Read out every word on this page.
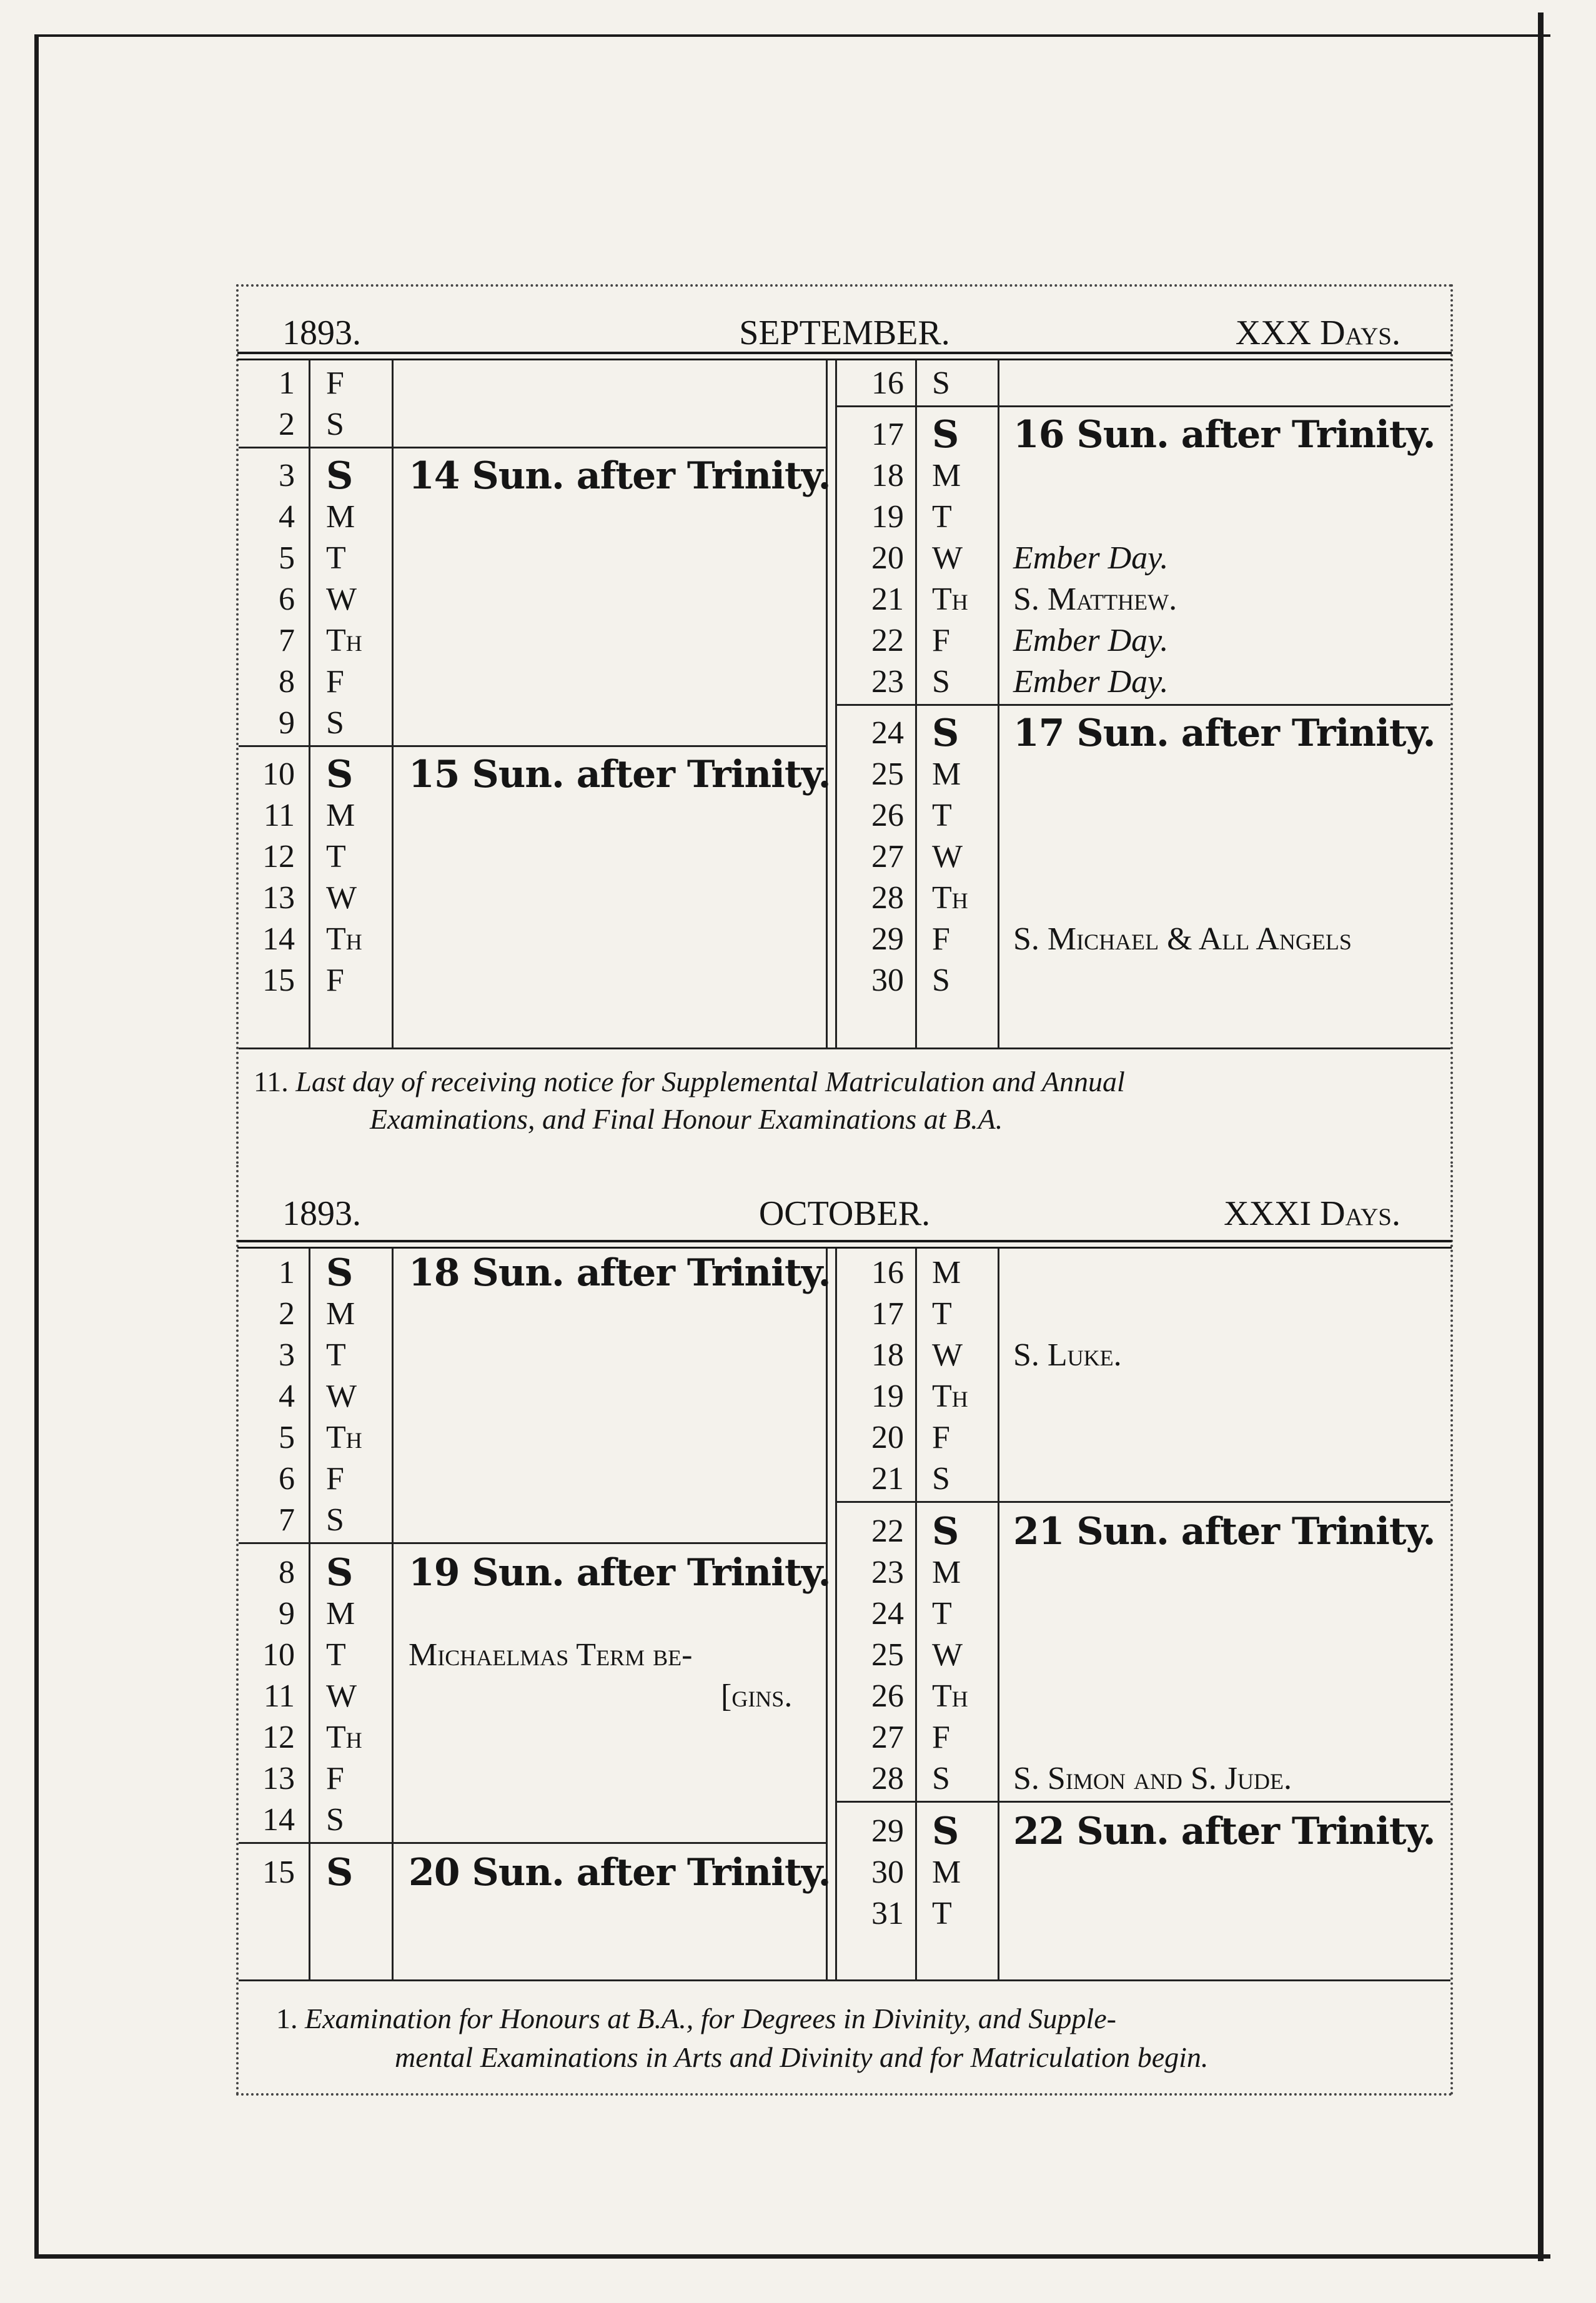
1893.	SEPTEMBER.	XXX Days.
1 F
2 S
3 S 14 Sun. after Trinity.
4 M
5 T
6 W
7 Th
8 F
9 S
10 S 15 Sun. after Trinity.
11 M
12 T
13 W
14 Th
15 F
16 S
17 S 16 Sun. after Trinity.
18 M
19 T
20 W Ember Day.
21 Th S. Matthew.
22 F Ember Day.
23 S Ember Day.
24 S 17 Sun. after Trinity.
25 M
26 T
27 W
28 Th
29 F S. Michael & All Angels
30 S
11. Last day of receiving notice for Supplemental Matriculation and Annual
Examinations, and Final Honour Examinations at B.A.
1893.	OCTOBER.	XXXI Days.
1 S 18 Sun. after Trinity.
2 M
3 T
4 W
5 Th
6 F
7 S
8 S 19 Sun. after Trinity.
9 M
10 T Michaelmas Term be-
11 W	[gins.
12 Th
13 F
14 S
15 S 20 Sun. after Trinity.
16 M
17 T
18 W S. Luke.
19 Th
20 F
21 S
22 S 21 Sun. after Trinity.
23 M
24 T
25 W
26 Th
27 F
28 S S. Simon and S. Jude.
29 S 22 Sun. after Trinity.
30 M
31 T
1. Examination for Honours at B.A., for Degrees in Divinity, and Supple-
mental Examinations in Arts and Divinity and for Matriculation begin.
